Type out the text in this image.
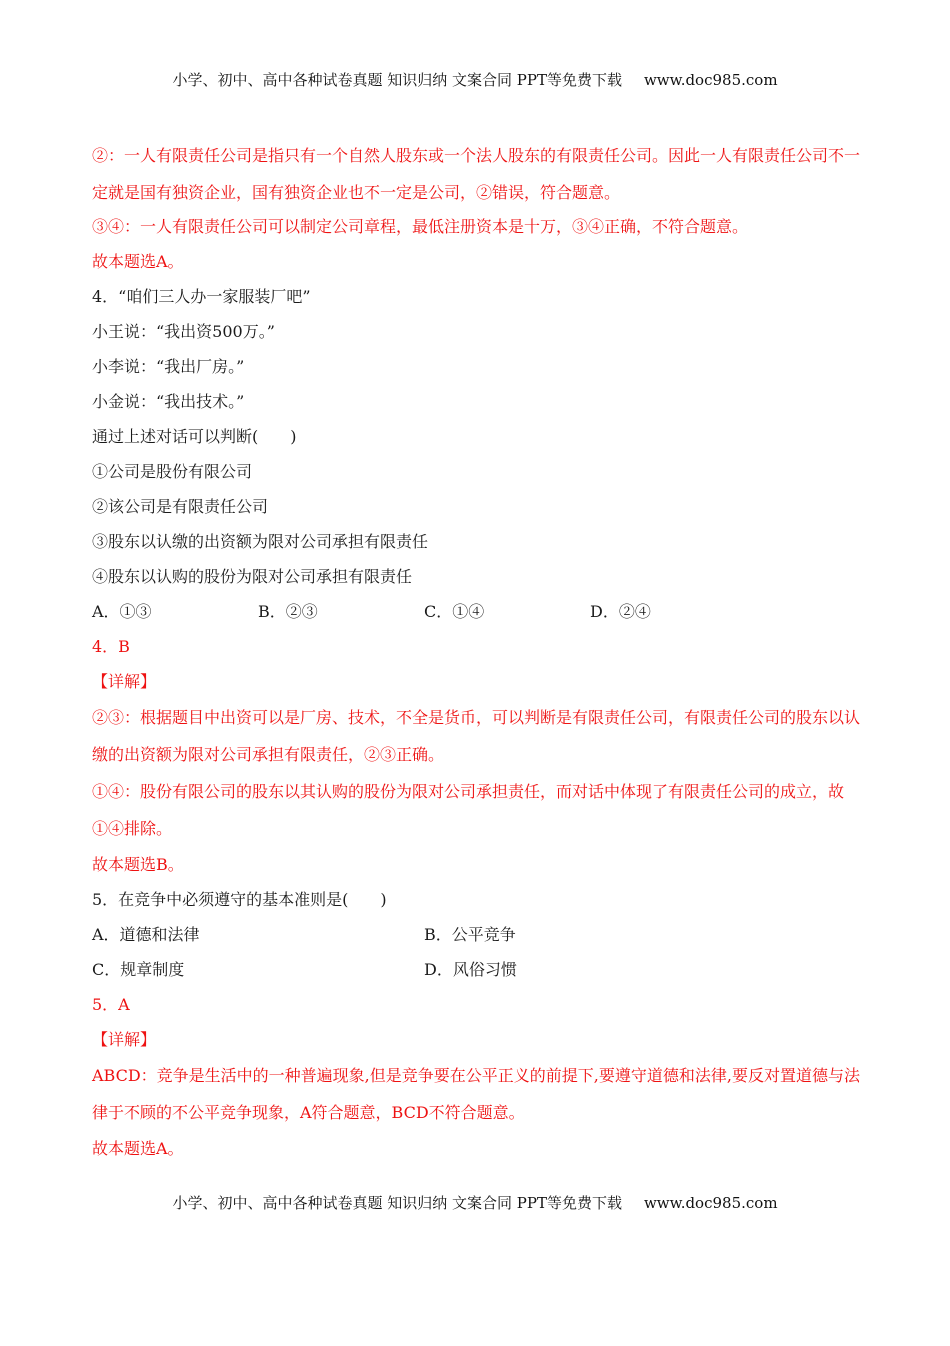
小学、初中、高中各种试卷真题 知识归纳 文案合同 PPT等免费下载 www.doc985.com
②：一人有限责任公司是指只有一个自然人股东或一个法人股东的有限责任公司。因此一人有限责任公司不一定就是国有独资企业，国有独资企业也不一定是公司，②错误，符合题意。
③④：一人有限责任公司可以制定公司章程，最低注册资本是十万，③④正确，不符合题意。
故本题选A。
4．“咱们三人办一家服装厂吧”
小王说：“我出资500万。”
小李说：“我出厂房。”
小金说：“我出技术。”
通过上述对话可以判断(　　)
①公司是股份有限公司
②该公司是有限责任公司
③股东以认缴的出资额为限对公司承担有限责任
④股东以认购的股份为限对公司承担有限责任
A．①③	B．②③	C．①④	D．②④
4．B
【详解】
②③：根据题目中出资可以是厂房、技术，不全是货币，可以判断是有限责任公司，有限责任公司的股东以认缴的出资额为限对公司承担有限责任，②③正确。
①④：股份有限公司的股东以其认购的股份为限对公司承担责任，而对话中体现了有限责任公司的成立，故①④排除。
故本题选B。
5．在竞争中必须遵守的基本准则是(　　)
A．道德和法律	B．公平竞争
C．规章制度	D．风俗习惯
5．A
【详解】
ABCD：竞争是生活中的一种普遍现象,但是竞争要在公平正义的前提下,要遵守道德和法律,要反对置道德与法律于不顾的不公平竞争现象，A符合题意，BCD不符合题意。
故本题选A。
小学、初中、高中各种试卷真题 知识归纳 文案合同 PPT等免费下载 www.doc985.com
